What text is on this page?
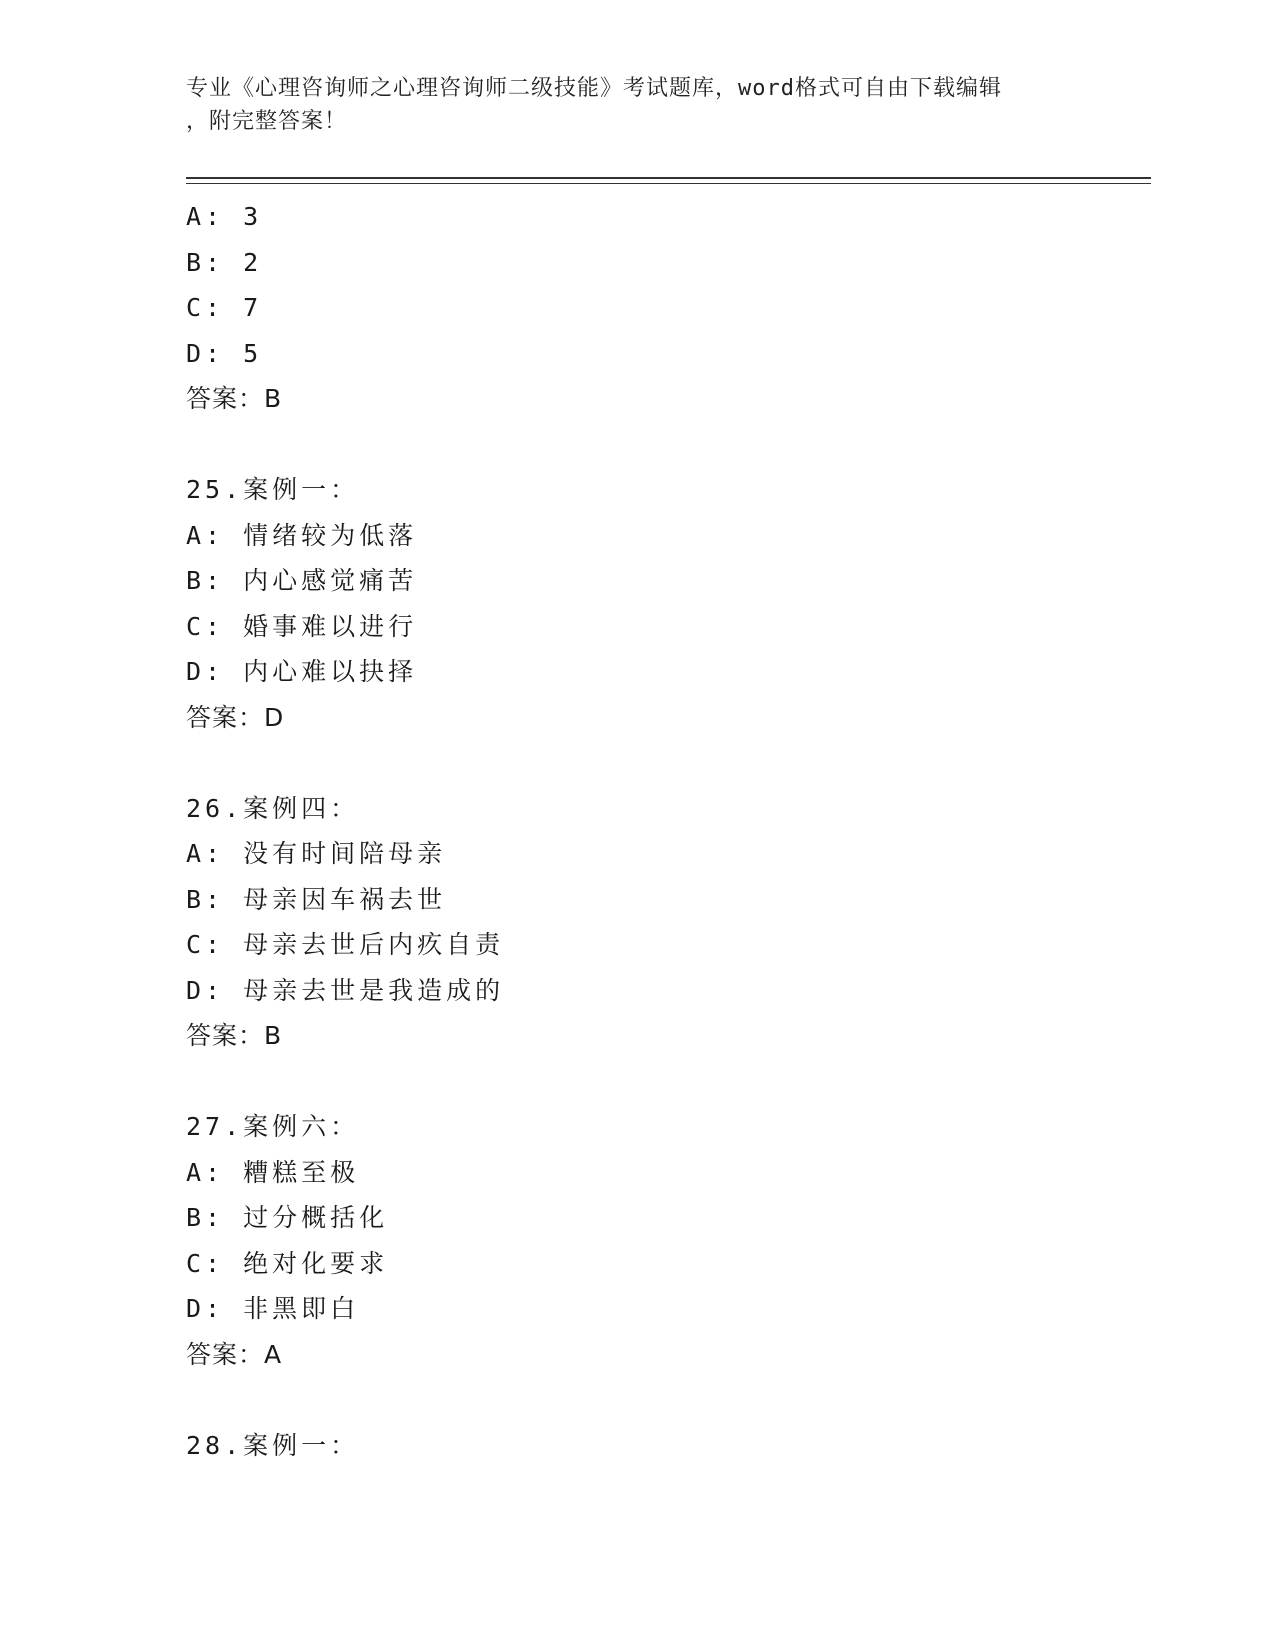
专业《心理咨询师之心理咨询师二级技能》考试题库，word格式可自由下载编辑
，附完整答案！
A: 3
B: 2
C: 7
D: 5
答案：B
25.案例一：
A: 情绪较为低落
B: 内心感觉痛苦
C: 婚事难以进行
D: 内心难以抉择
答案：D
26.案例四：
A: 没有时间陪母亲
B: 母亲因车祸去世
C: 母亲去世后内疚自责
D: 母亲去世是我造成的
答案：B
27.案例六：
A: 糟糕至极
B: 过分概括化
C: 绝对化要求
D: 非黑即白
答案：A
28.案例一：
